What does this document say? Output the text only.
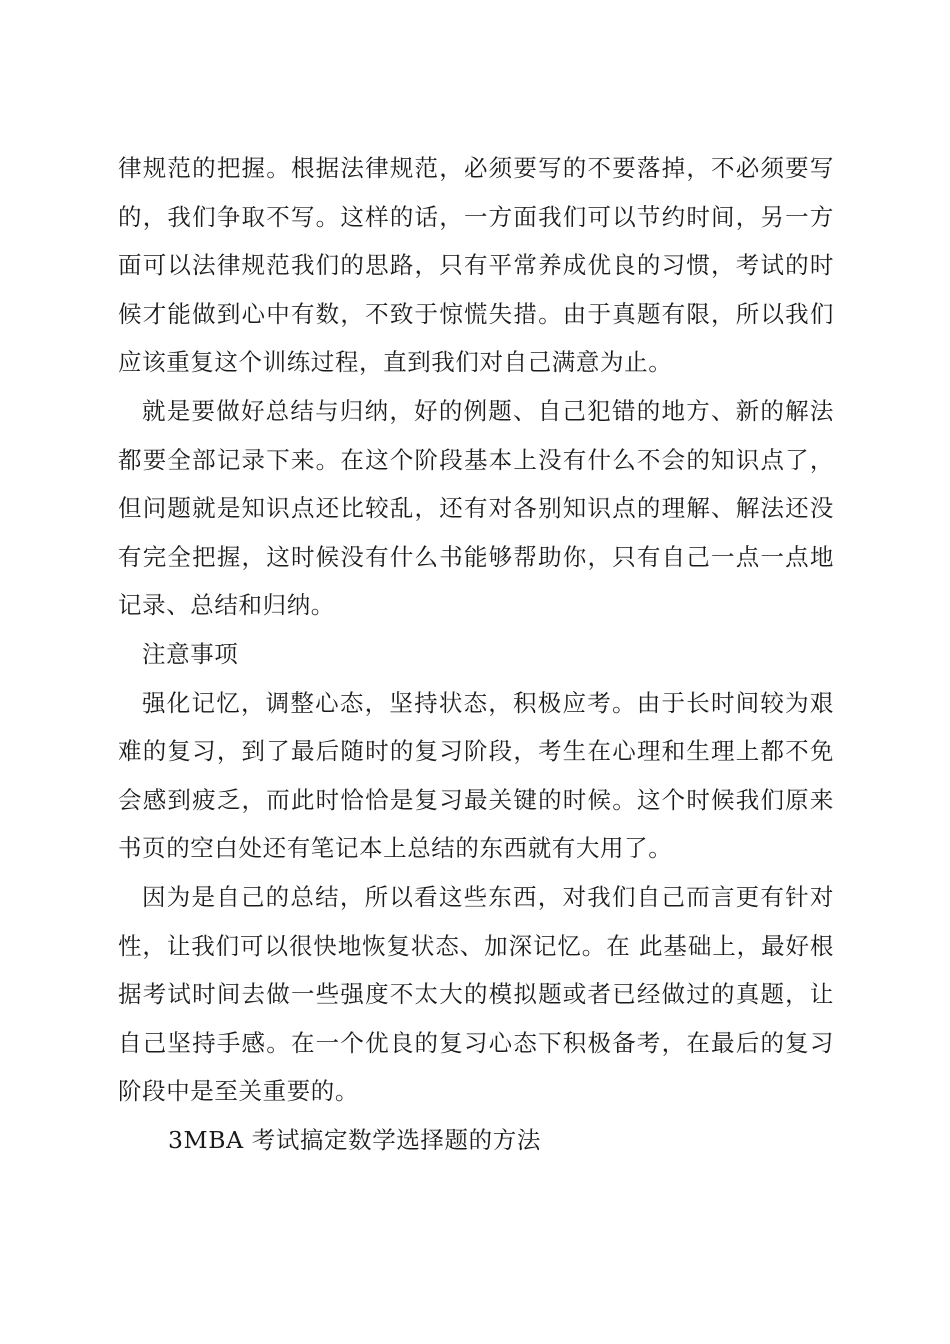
律规范的把握。根据法律规范，必须要写的不要落掉，不必须要写的，我们争取不写。这样的话，一方面我们可以节约时间，另一方面可以法律规范我们的思路，只有平常养成优良的习惯，考试的时候才能做到心中有数，不致于惊慌失措。由于真题有限，所以我们应该重复这个训练过程，直到我们对自己满意为止。

就是要做好总结与归纳，好的例题、自己犯错的地方、新的解法都要全部记录下来。在这个阶段基本上没有什么不会的知识点了，但问题就是知识点还比较乱，还有对各别知识点的理解、解法还没有完全把握，这时候没有什么书能够帮助你，只有自己一点一点地记录、总结和归纳。

注意事项

强化记忆，调整心态，坚持状态，积极应考。由于长时间较为艰难的复习，到了最后随时的复习阶段，考生在心理和生理上都不免会感到疲乏，而此时恰恰是复习最关键的时候。这个时候我们原来书页的空白处还有笔记本上总结的东西就有大用了。

因为是自己的总结，所以看这些东西，对我们自己而言更有针对性，让我们可以很快地恢复状态、加深记忆。在 此基础上，最好根据考试时间去做一些强度不太大的模拟题或者已经做过的真题，让自己坚持手感。在一个优良的复习心态下积极备考，在最后的复习阶段中是至关重要的。

3MBA 考试搞定数学选择题的方法
